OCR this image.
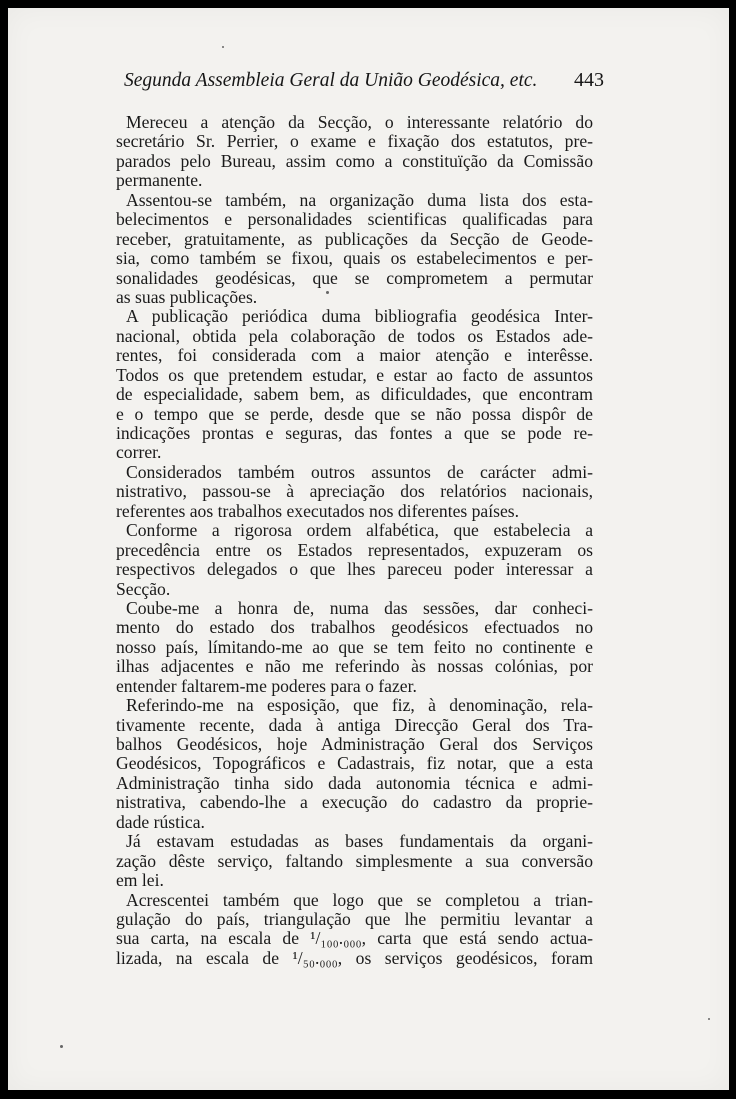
Segunda Assembleia Geral da União Geodésica, etc. 443
Mereceu a atenção da Secção, o interessante relatório do
secretário Sr. Perrier, o exame e fixação dos estatutos, pre-
parados pelo Bureau, assim como a constituïção da Comissão
permanente.
Assentou-se também, na organização duma lista dos esta-
belecimentos e personalidades scientificas qualificadas para
receber, gratuitamente, as publicações da Secção de Geode-
sia, como também se fixou, quais os estabelecimentos e per-
sonalidades geodésicas, que se comprometem a permutar
as suas publicações.
A publicação periódica duma bibliografia geodésica Inter-
nacional, obtida pela colaboração de todos os Estados ade-
rentes, foi considerada com a maior atenção e interêsse.
Todos os que pretendem estudar, e estar ao facto de assuntos
de especialidade, sabem bem, as dificuldades, que encontram
e o tempo que se perde, desde que se não possa dispôr de
indicações prontas e seguras, das fontes a que se pode re-
correr.
Considerados também outros assuntos de carácter admi-
nistrativo, passou-se à apreciação dos relatórios nacionais,
referentes aos trabalhos executados nos diferentes países.
Conforme a rigorosa ordem alfabética, que estabelecia a
precedência entre os Estados representados, expuzeram os
respectivos delegados o que lhes pareceu poder interessar a
Secção.
Coube-me a honra de, numa das sessões, dar conheci-
mento do estado dos trabalhos geodésicos efectuados no
nosso país, límitando-me ao que se tem feito no continente e
ilhas adjacentes e não me referindo às nossas colónias, por
entender faltarem-me poderes para o fazer.
Referindo-me na esposição, que fiz, à denominação, rela-
tivamente recente, dada à antiga Direcção Geral dos Tra-
balhos Geodésicos, hoje Administração Geral dos Serviços
Geodésicos, Topográficos e Cadastrais, fiz notar, que a esta
Administração tinha sido dada autonomia técnica e admi-
nistrativa, cabendo-lhe a execução do cadastro da proprie-
dade rústica.
Já estavam estudadas as bases fundamentais da organi-
zação dêste serviço, faltando simplesmente a sua conversão
em lei.
Acrescentei também que logo que se completou a trian-
gulação do país, triangulação que lhe permitiu levantar a
sua carta, na escala de ¹/₁₀₀.₀₀₀, carta que está sendo actua-
lizada, na escala de ¹/₅₀.₀₀₀, os serviços geodésicos, foram
